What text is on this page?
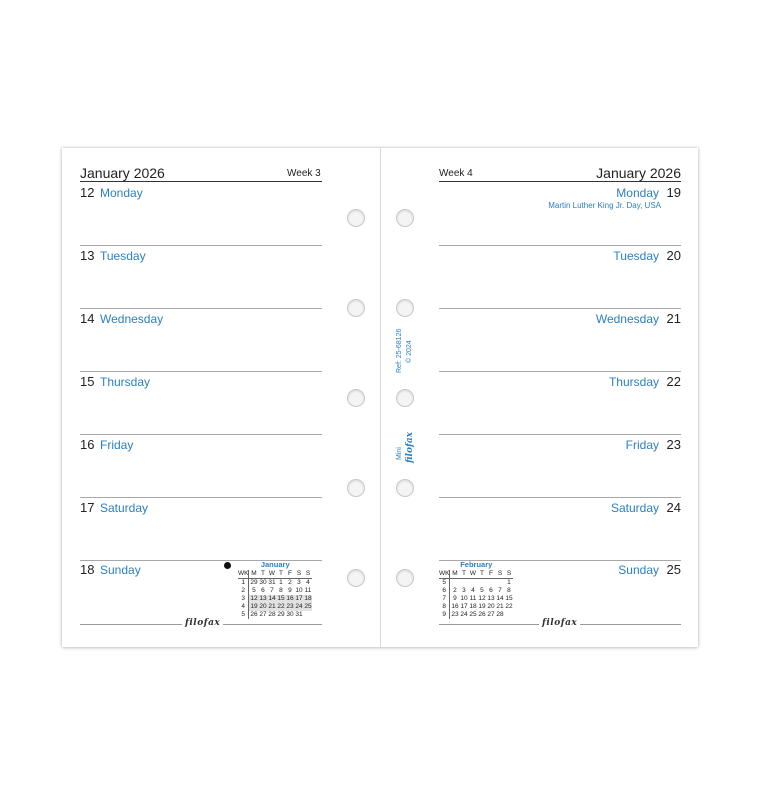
January 2026	Week 3
12 Monday
13 Tuesday
14 Wednesday
15 Thursday
16 Friday
17 Saturday
18 Sunday	January
WK	M	T	W	T	F	S	S
1	29	30	31	1	2	3	4
2	5	6	7	8	9	10	11
3	12	13	14	15	16	17	18
4	19	20	21	22	23	24	25
5	26	27	28	29	30	31	
filofax
Ref: 25-68126 © 2024
Mini filofax
Week 4	January 2026
Monday 19
Martin Luther King Jr. Day, USA
Tuesday 20
Wednesday 21
Thursday 22
Friday 23
Saturday 24
Sunday 25
February
WK	M	T	W	T	F	S	S
5							1
6	2	3	4	5	6	7	8
7	9	10	11	12	13	14	15
8	16	17	18	19	20	21	22
9	23	24	25	26	27	28	
filofax
